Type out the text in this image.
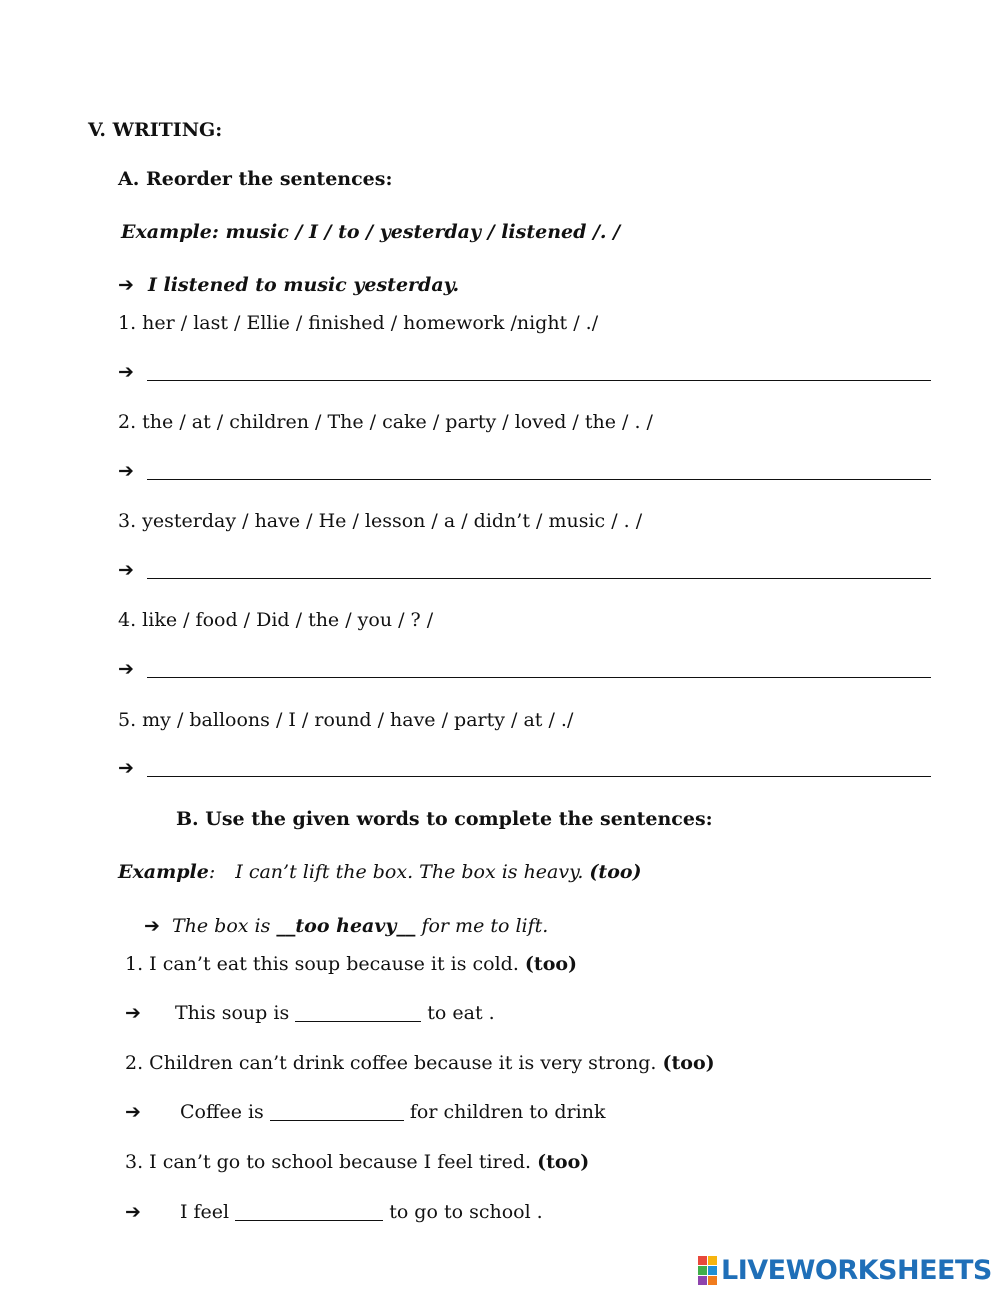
V. WRITING:
A. Reorder the sentences:
Example: music / I / to / yesterday / listened /. /
➔ I listened to music yesterday.
1. her / last / Ellie / finished / homework /night / ./
➔
2. the / at / children / The / cake / party / loved / the / . /
➔
3. yesterday / have / He / lesson / a / didn’t / music / . /
➔
4. like / food / Did / the / you / ? /
➔
5. my / balloons / I / round / have / party / at / ./
➔
B. Use the given words to complete the sentences:
Example: I can’t lift the box. The box is heavy. (too)
➔ The box is __too heavy__ for me to lift.
1. I can’t eat this soup because it is cold. (too)
➔ This soup is	to eat .
2. Children can’t drink coffee because it is very strong. (too)
➔ Coffee is	for children to drink
3. I can’t go to school because I feel tired. (too)
➔ I feel	to go to school .
LIVEWORKSHEETS
